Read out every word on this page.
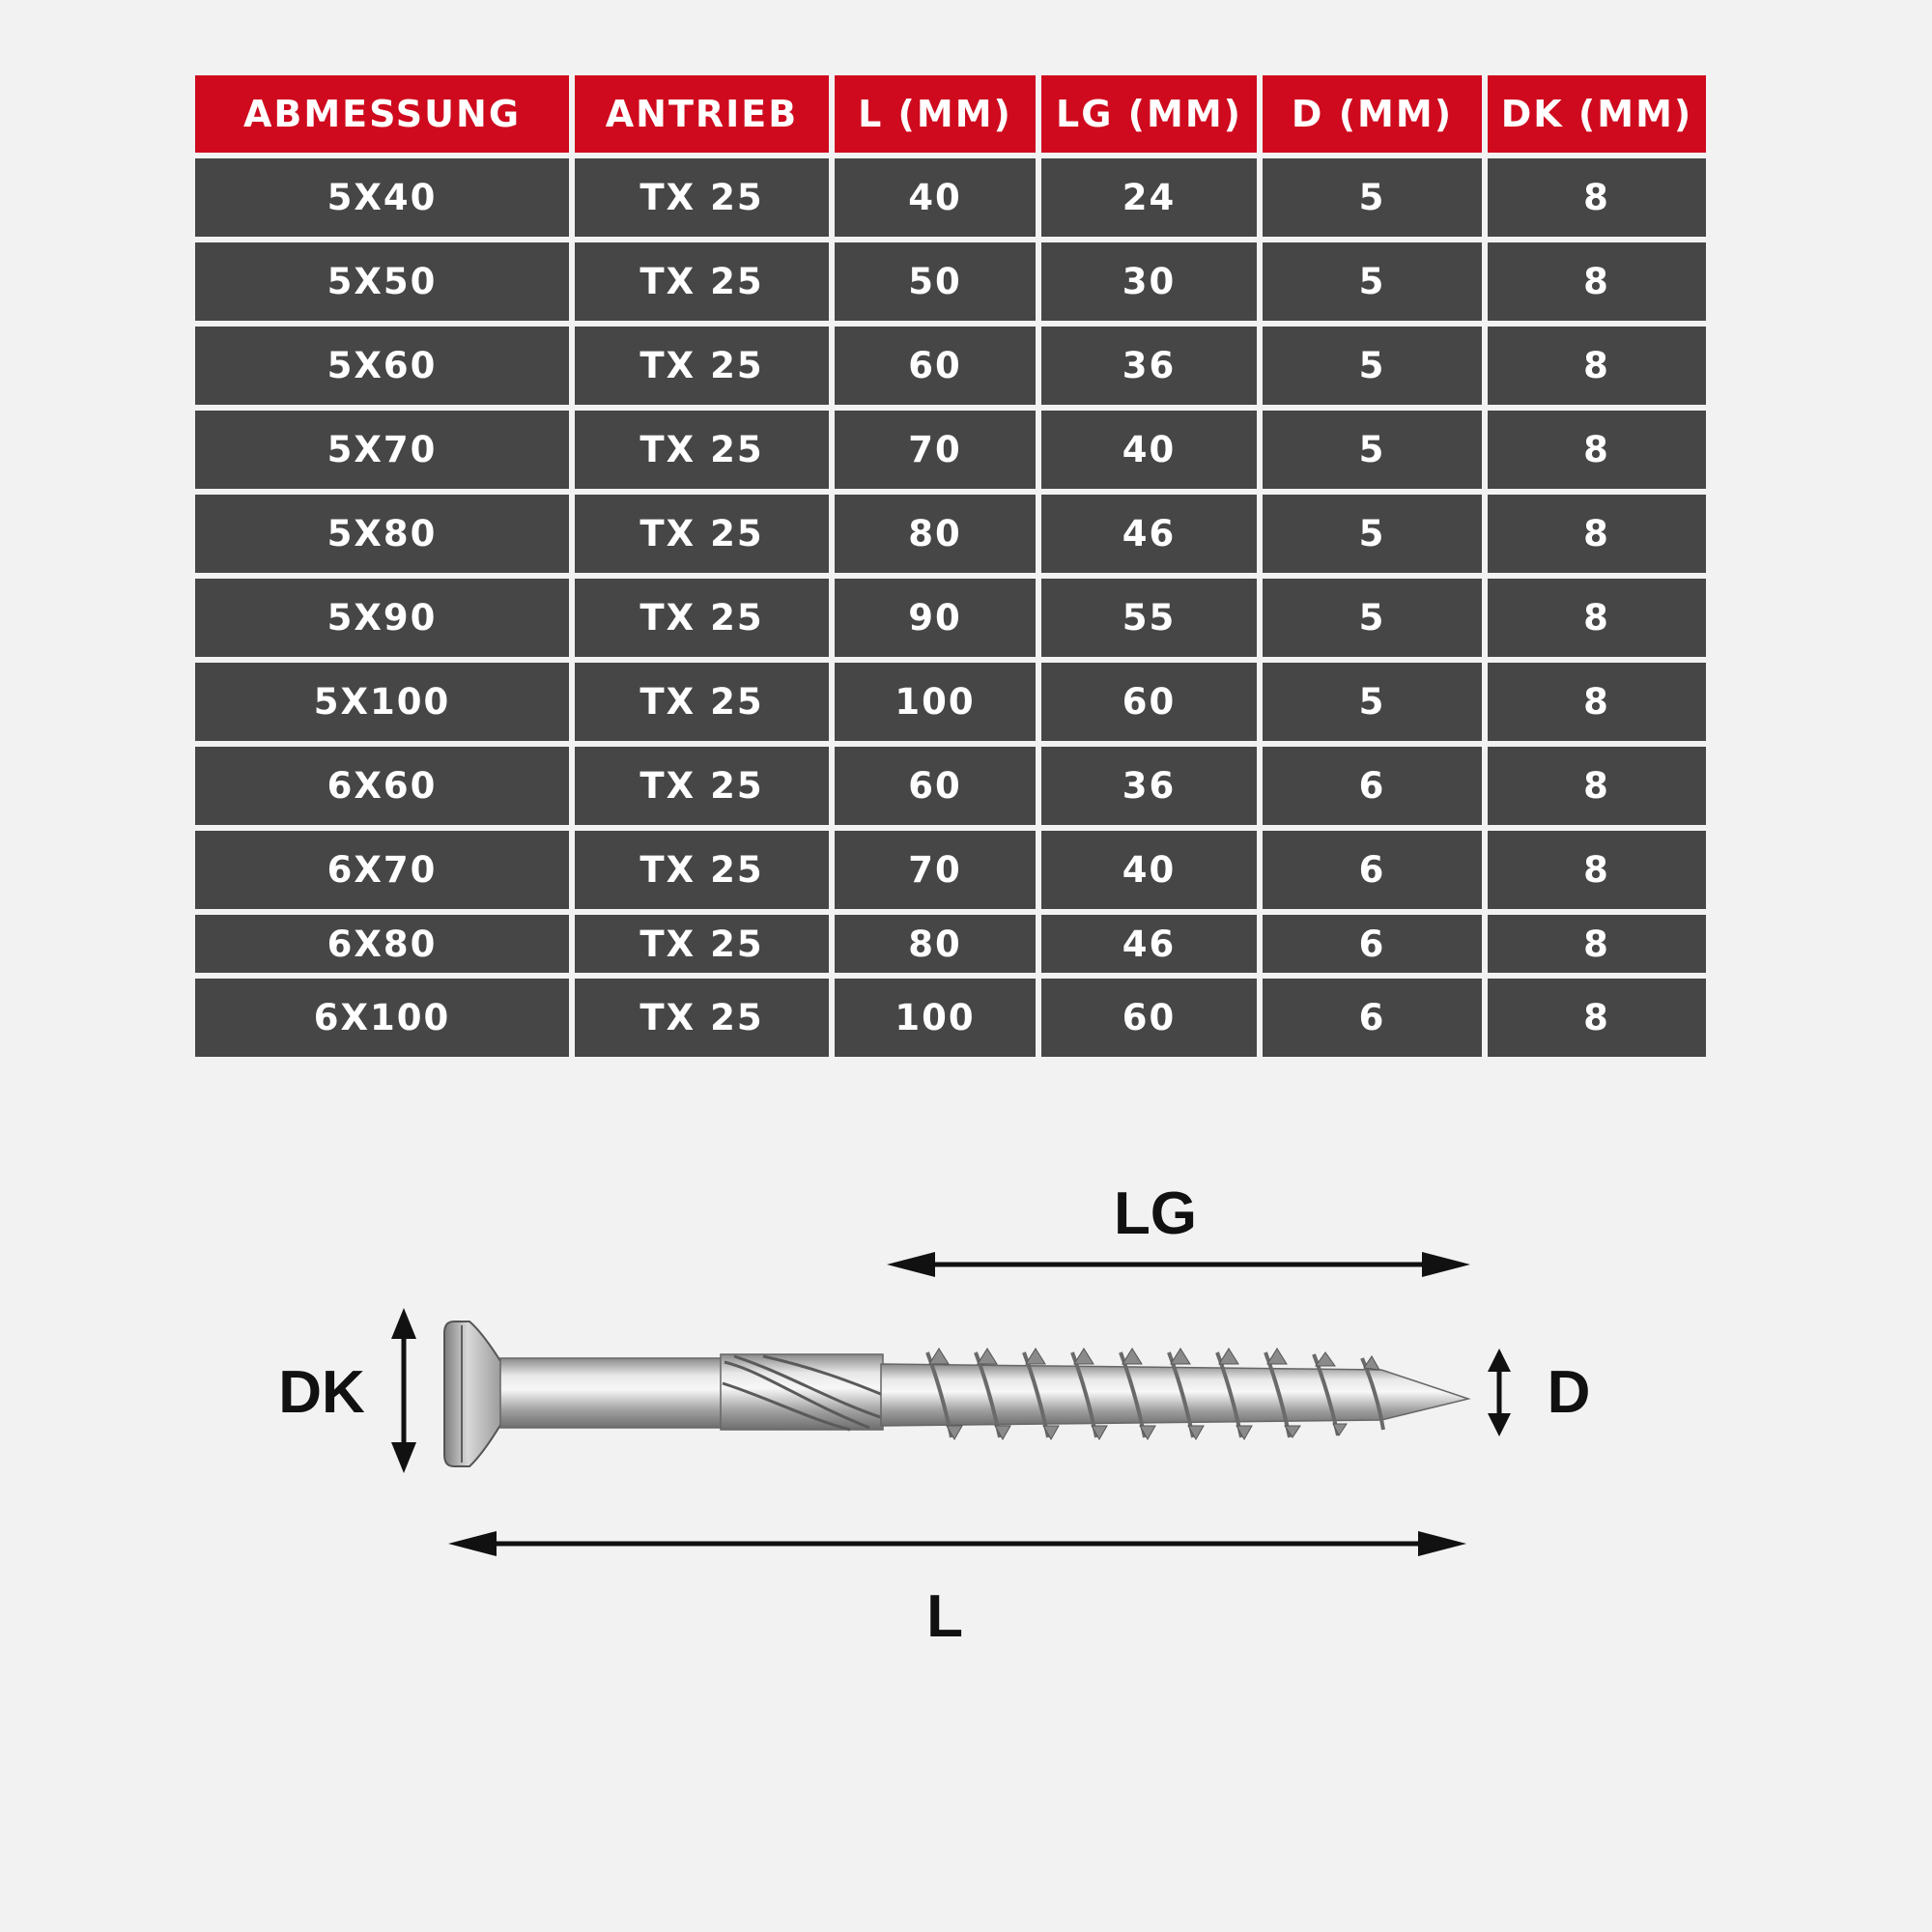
ABMESSUNG	ANTRIEB	L (MM)	LG (MM)	D (MM)	DK (MM)
5X40	TX 25	40	24	5	8
5X50	TX 25	50	30	5	8
5X60	TX 25	60	36	5	8
5X70	TX 25	70	40	5	8
5X80	TX 25	80	46	5	8
5X90	TX 25	90	55	5	8
5X100	TX 25	100	60	5	8
6X60	TX 25	60	36	6	8
6X70	TX 25	70	40	6	8
6X80	TX 25	80	46	6	8
6X100	TX 25	100	60	6	8
LG
DK	D
L
